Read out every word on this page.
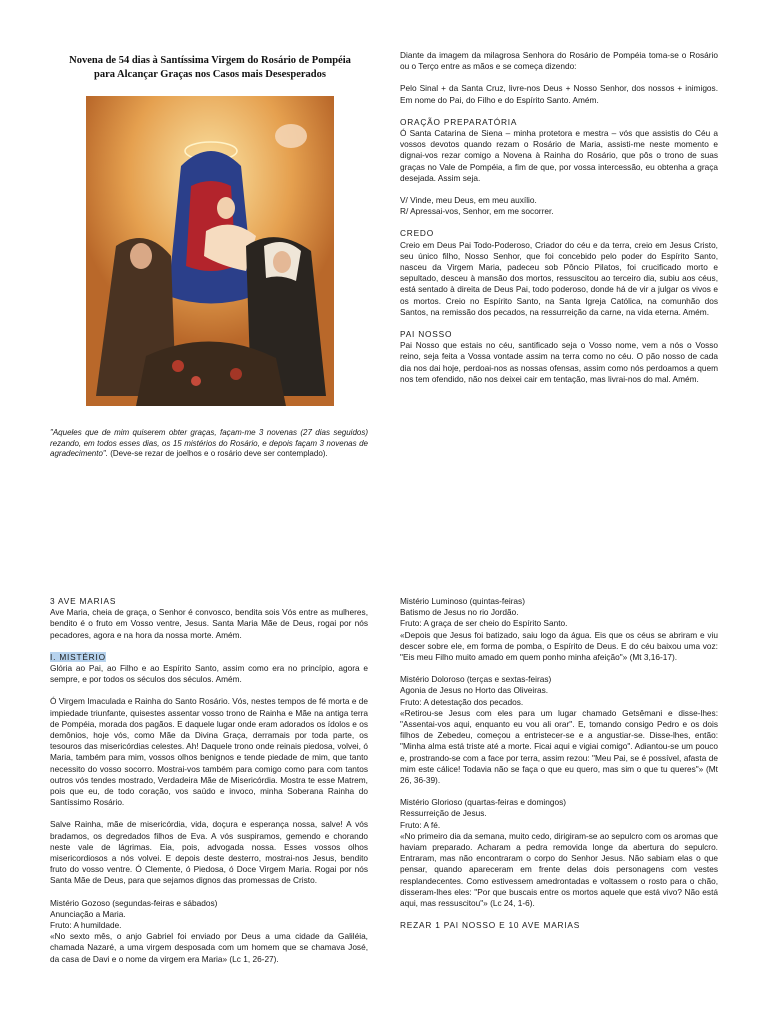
Novena de 54 dias à Santíssima Virgem do Rosário de Pompéia
para Alcançar Graças nos Casos mais Desesperados
"Aqueles que de mim quiserem obter graças, façam-me 3 novenas (27 dias seguidos) rezando, em todos esses dias, os 15 mistérios do Rosário, e depois façam 3 novenas de agradecimento". (Deve-se rezar de joelhos e o rosário deve ser contemplado).

Diante da imagem da milagrosa Senhora do Rosário de Pompéia toma-se o Rosário ou o Terço entre as mãos e se começa dizendo:

Pelo Sinal + da Santa Cruz, livre-nos Deus + Nosso Senhor, dos nossos + inimigos. Em nome do Pai, do Filho e do Espírito Santo. Amém.

ORAÇÃO PREPARATÓRIA

Ó Santa Catarina de Siena – minha protetora e mestra – vós que assistis do Céu a vossos devotos quando rezam o Rosário de Maria, assisti-me neste momento e dignai-vos rezar comigo a Novena à Rainha do Rosário, que pôs o trono de suas graças no Vale de Pompéia, a fim de que, por vossa intercessão, eu obtenha a graça desejada. Assim seja.

V/ Vinde, meu Deus, em meu auxílio.

R/ Apressai-vos, Senhor, em me socorrer.

CREDO

Creio em Deus Pai Todo-Poderoso, Criador do céu e da terra, creio em Jesus Cristo, seu único filho, Nosso Senhor, que foi concebido pelo poder do Espírito Santo, nasceu da Virgem Maria, padeceu sob Pôncio Pilatos, foi crucificado morto e sepultado, desceu à mansão dos mortos, ressuscitou ao terceiro dia, subiu aos céus, está sentado à direita de Deus Pai, todo poderoso, donde há de vir a julgar os vivos e os mortos. Creio no Espírito Santo, na Santa Igreja Católica, na comunhão dos Santos, na remissão dos pecados, na ressurreição da carne, na vida eterna. Amém.

PAI NOSSO

Pai Nosso que estais no céu, santificado seja o Vosso nome, vem a nós o Vosso reino, seja feita a Vossa vontade assim na terra como no céu. O pão nosso de cada dia nos dai hoje, perdoai-nos as nossas ofensas, assim como nós perdoamos a quem nos tem ofendido, não nos deixei cair em tentação, mas livrai-nos do mal. Amém.

3 AVE MARIAS

Ave Maria, cheia de graça, o Senhor é convosco, bendita sois Vós entre as mulheres, bendito é o fruto em Vosso ventre, Jesus. Santa Maria Mãe de Deus, rogai por nós pecadores, agora e na hora da nossa morte. Amém.

I. MISTÉRIO

Glória ao Pai, ao Filho e ao Espírito Santo, assim como era no princípio, agora e sempre, e por todos os séculos dos séculos. Amém.

Ó Virgem Imaculada e Rainha do Santo Rosário. Vós, nestes tempos de fé morta e de impiedade triunfante, quisestes assentar vosso trono de Rainha e Mãe na antiga terra de Pompéia, morada dos pagãos. E daquele lugar onde eram adorados os ídolos e os demônios, hoje vós, como Mãe da Divina Graça, derramais por toda parte, os tesouros das misericórdias celestes. Ah! Daquele trono onde reinais piedosa, volvei, ó Maria, também para mim, vossos olhos benignos e tende piedade de mim, que tanto necessito do vosso socorro. Mostrai-vos também para comigo como para com tantos outros vós tendes mostrado, Verdadeira Mãe de Misericórdia. Mostra te esse Matrem, pois que eu, de todo coração, vos saúdo e invoco, minha Soberana Rainha do Santíssimo Rosário.

Salve Rainha, mãe de misericórdia, vida, doçura e esperança nossa, salve! A vós bradamos, os degredados filhos de Eva. A vós suspiramos, gemendo e chorando neste vale de lágrimas. Eia, pois, advogada nossa. Esses vossos olhos misericordiosos a nós volvei. E depois deste desterro, mostrai-nos Jesus, bendito fruto do vosso ventre. Ó Clemente, ó Piedosa, ó Doce Virgem Maria. Rogai por nós Santa Mãe de Deus, para que sejamos dignos das promessas de Cristo.

Mistério Gozoso (segundas-feiras e sábados)
Anunciação a Maria.
Fruto: A humildade.
«No sexto mês, o anjo Gabriel foi enviado por Deus a uma cidade da Galiléia, chamada Nazaré, a uma virgem desposada com um homem que se chamava José, da casa de Davi e o nome da virgem era Maria» (Lc 1, 26-27).
Mistério Luminoso (quintas-feiras)
Batismo de Jesus no rio Jordão.
Fruto: A graça de ser cheio do Espírito Santo.

«Depois que Jesus foi batizado, saiu logo da água. Eis que os céus se abriram e viu descer sobre ele, em forma de pomba, o Espírito de Deus. E do céu baixou uma voz: "Eis meu Filho muito amado em quem ponho minha afeição"» (Mt 3,16-17).

Mistério Doloroso (terças e sextas-feiras)
Agonia de Jesus no Horto das Oliveiras.
Fruto: A detestação dos pecados.

«Retirou-se Jesus com eles para um lugar chamado Getsêmani e disse-lhes: "Assentai-vos aqui, enquanto eu vou ali orar". E, tomando consigo Pedro e os dois filhos de Zebedeu, começou a entristecer-se e a angustiar-se. Disse-lhes, então: "Minha alma está triste até a morte. Ficai aqui e vigiai comigo". Adiantou-se um pouco e, prostrando-se com a face por terra, assim rezou: "Meu Pai, se é possível, afasta de mim este cálice! Todavia não se faça o que eu quero, mas sim o que tu queres"» (Mt 26, 36-39).

Mistério Glorioso (quartas-feiras e domingos)
Ressurreição de Jesus.
Fruto: A fé.

«No primeiro dia da semana, muito cedo, dirigiram-se ao sepulcro com os aromas que haviam preparado. Acharam a pedra removida longe da abertura do sepulcro. Entraram, mas não encontraram o corpo do Senhor Jesus. Não sabiam elas o que pensar, quando apareceram em frente delas dois personagens com vestes resplandecentes. Como estivessem amedrontadas e voltassem o rosto para o chão, disseram-lhes eles: "Por que buscais entre os mortos aquele que está vivo? Não está aqui, mas ressuscitou"» (Lc 24, 1-6).

REZAR 1 PAI NOSSO E 10 AVE MARIAS
